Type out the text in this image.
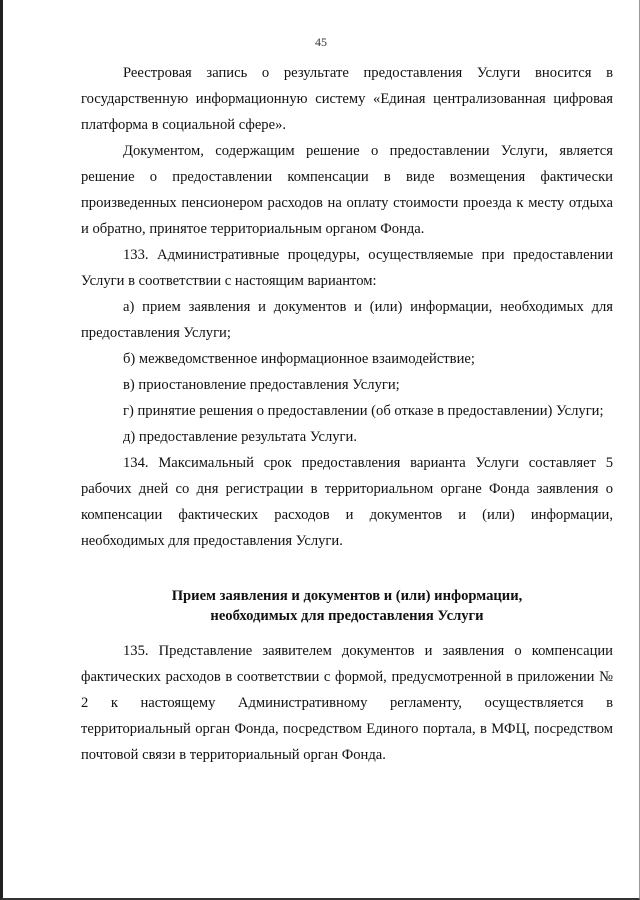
45

Реестровая запись о результате предоставления Услуги вносится в государственную информационную систему «Единая централизованная цифровая платформа в социальной сфере».

Документом, содержащим решение о предоставлении Услуги, является решение о предоставлении компенсации в виде возмещения фактически произведенных пенсионером расходов на оплату стоимости проезда к месту отдыха и обратно, принятое территориальным органом Фонда.

133. Административные процедуры, осуществляемые при предоставлении Услуги в соответствии с настоящим вариантом:

а) прием заявления и документов и (или) информации, необходимых для предоставления Услуги;

б) межведомственное информационное взаимодействие;

в) приостановление предоставления Услуги;

г) принятие решения о предоставлении (об отказе в предоставлении) Услуги;

д) предоставление результата Услуги.

134. Максимальный срок предоставления варианта Услуги составляет 5 рабочих дней со дня регистрации в территориальном органе Фонда заявления о компенсации фактических расходов и документов и (или) информации, необходимых для предоставления Услуги.

Прием заявления и документов и (или) информации,
необходимых для предоставления Услуги

135. Представление заявителем документов и заявления о компенсации фактических расходов в соответствии с формой, предусмотренной в приложении № 2 к настоящему Административному регламенту, осуществляется в территориальный орган Фонда, посредством Единого портала, в МФЦ, посредством почтовой связи в территориальный орган Фонда.
